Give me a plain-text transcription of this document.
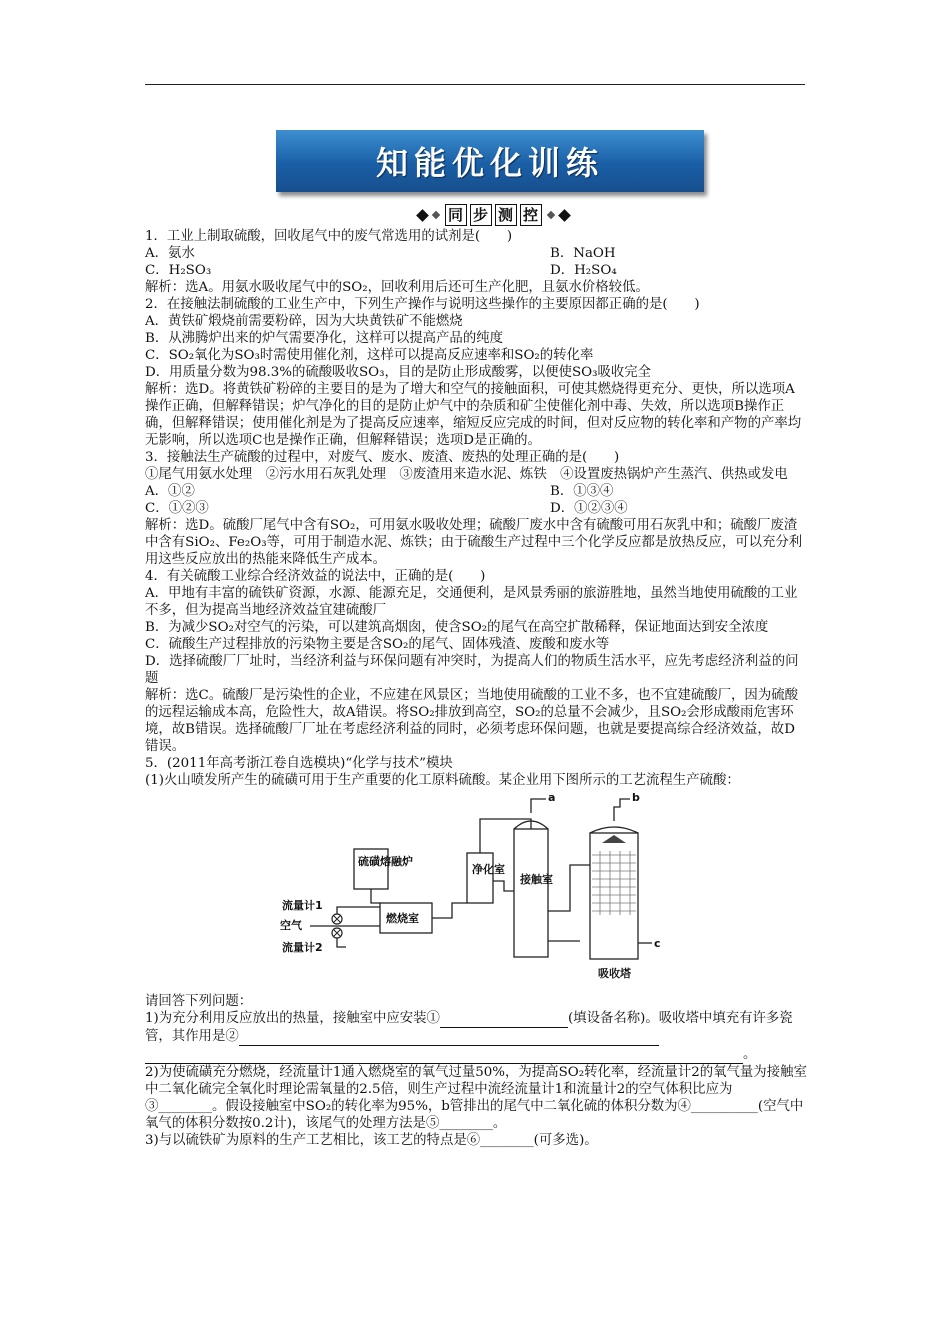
知能优化训练
同 步 测 控

1．工业上制取硫酸，回收尾气中的废气常选用的试剂是(　　)

A．氨水	B．NaOH
C．H₂SO₃	D．H₂SO₄

解析：选A。用氨水吸收尾气中的SO₂，回收利用后还可生产化肥，且氨水价格较低。

2．在接触法制硫酸的工业生产中，下列生产操作与说明这些操作的主要原因都正确的是(　　)

A．黄铁矿煅烧前需要粉碎，因为大块黄铁矿不能燃烧

B．从沸腾炉出来的炉气需要净化，这样可以提高产品的纯度

C．SO₂氧化为SO₃时需使用催化剂，这样可以提高反应速率和SO₂的转化率

D．用质量分数为98.3%的硫酸吸收SO₃，目的是防止形成酸雾，以便使SO₃吸收完全

解析：选D。将黄铁矿粉碎的主要目的是为了增大和空气的接触面积，可使其燃烧得更充分、更快，所以选项A操作正确，但解释错误；炉气净化的目的是防止炉气中的杂质和矿尘使催化剂中毒、失效，所以选项B操作正确，但解释错误；使用催化剂是为了提高反应速率，缩短反应完成的时间，但对反应物的转化率和产物的产率均无影响，所以选项C也是操作正确，但解释错误；选项D是正确的。

3．接触法生产硫酸的过程中，对废气、废水、废渣、废热的处理正确的是(　　)

①尾气用氨水处理　②污水用石灰乳处理　③废渣用来造水泥、炼铁　④设置废热锅炉产生蒸汽、供热或发电

A．①②	B．①③④
C．①②③	D．①②③④

解析：选D。硫酸厂尾气中含有SO₂，可用氨水吸收处理；硫酸厂废水中含有硫酸可用石灰乳中和；硫酸厂废渣中含有SiO₂、Fe₂O₃等，可用于制造水泥、炼铁；由于硫酸生产过程中三个化学反应都是放热反应，可以充分利用这些反应放出的热能来降低生产成本。

4．有关硫酸工业综合经济效益的说法中，正确的是(　　)

A．甲地有丰富的硫铁矿资源，水源、能源充足，交通便利，是风景秀丽的旅游胜地，虽然当地使用硫酸的工业不多，但为提高当地经济效益宜建硫酸厂

B．为减少SO₂对空气的污染，可以建筑高烟囱，使含SO₂的尾气在高空扩散稀释，保证地面达到安全浓度

C．硫酸生产过程排放的污染物主要是含SO₂的尾气、固体残渣、废酸和废水等

D．选择硫酸厂厂址时，当经济利益与环保问题有冲突时，为提高人们的物质生活水平，应先考虑经济利益的问题

解析：选C。硫酸厂是污染性的企业，不应建在风景区；当地使用硫酸的工业不多，也不宜建硫酸厂，因为硫酸的远程运输成本高，危险性大，故A错误。将SO₂排放到高空，SO₂的总量不会减少，且SO₂会形成酸雨危害环境，故B错误。选择硫酸厂厂址在考虑经济利益的同时，必须考虑环保问题，也就是要提高综合经济效益，故D错误。

5．(2011年高考浙江卷自选模块)“化学与技术”模块

(1)火山喷发所产生的硫磺可用于生产重要的化工原料硫酸。某企业用下图所示的工艺流程生产硫酸：

硫磺熔融炉
燃烧室
净化室
接触室
吸收塔
空气
流量计1
流量计2
a	b
c

请回答下列问题：

1)为充分利用反应放出的热量，接触室中应安装①	(填设备名称)。吸收塔中填充有许多瓷管，其作用是②
。

2)为使硫磺充分燃烧，经流量计1通入燃烧室的氧气过量50%，为提高SO₂转化率，经流量计2的氧气量为接触室中二氧化硫完全氧化时理论需氧量的2.5倍，则生产过程中流经流量计1和流量计2的空气体积比应为③________。假设接触室中SO₂的转化率为95%，b管排出的尾气中二氧化硫的体积分数为④__________(空气中氧气的体积分数按0.2计)，该尾气的处理方法是⑤________。

3)与以硫铁矿为原料的生产工艺相比，该工艺的特点是⑥________(可多选)。
